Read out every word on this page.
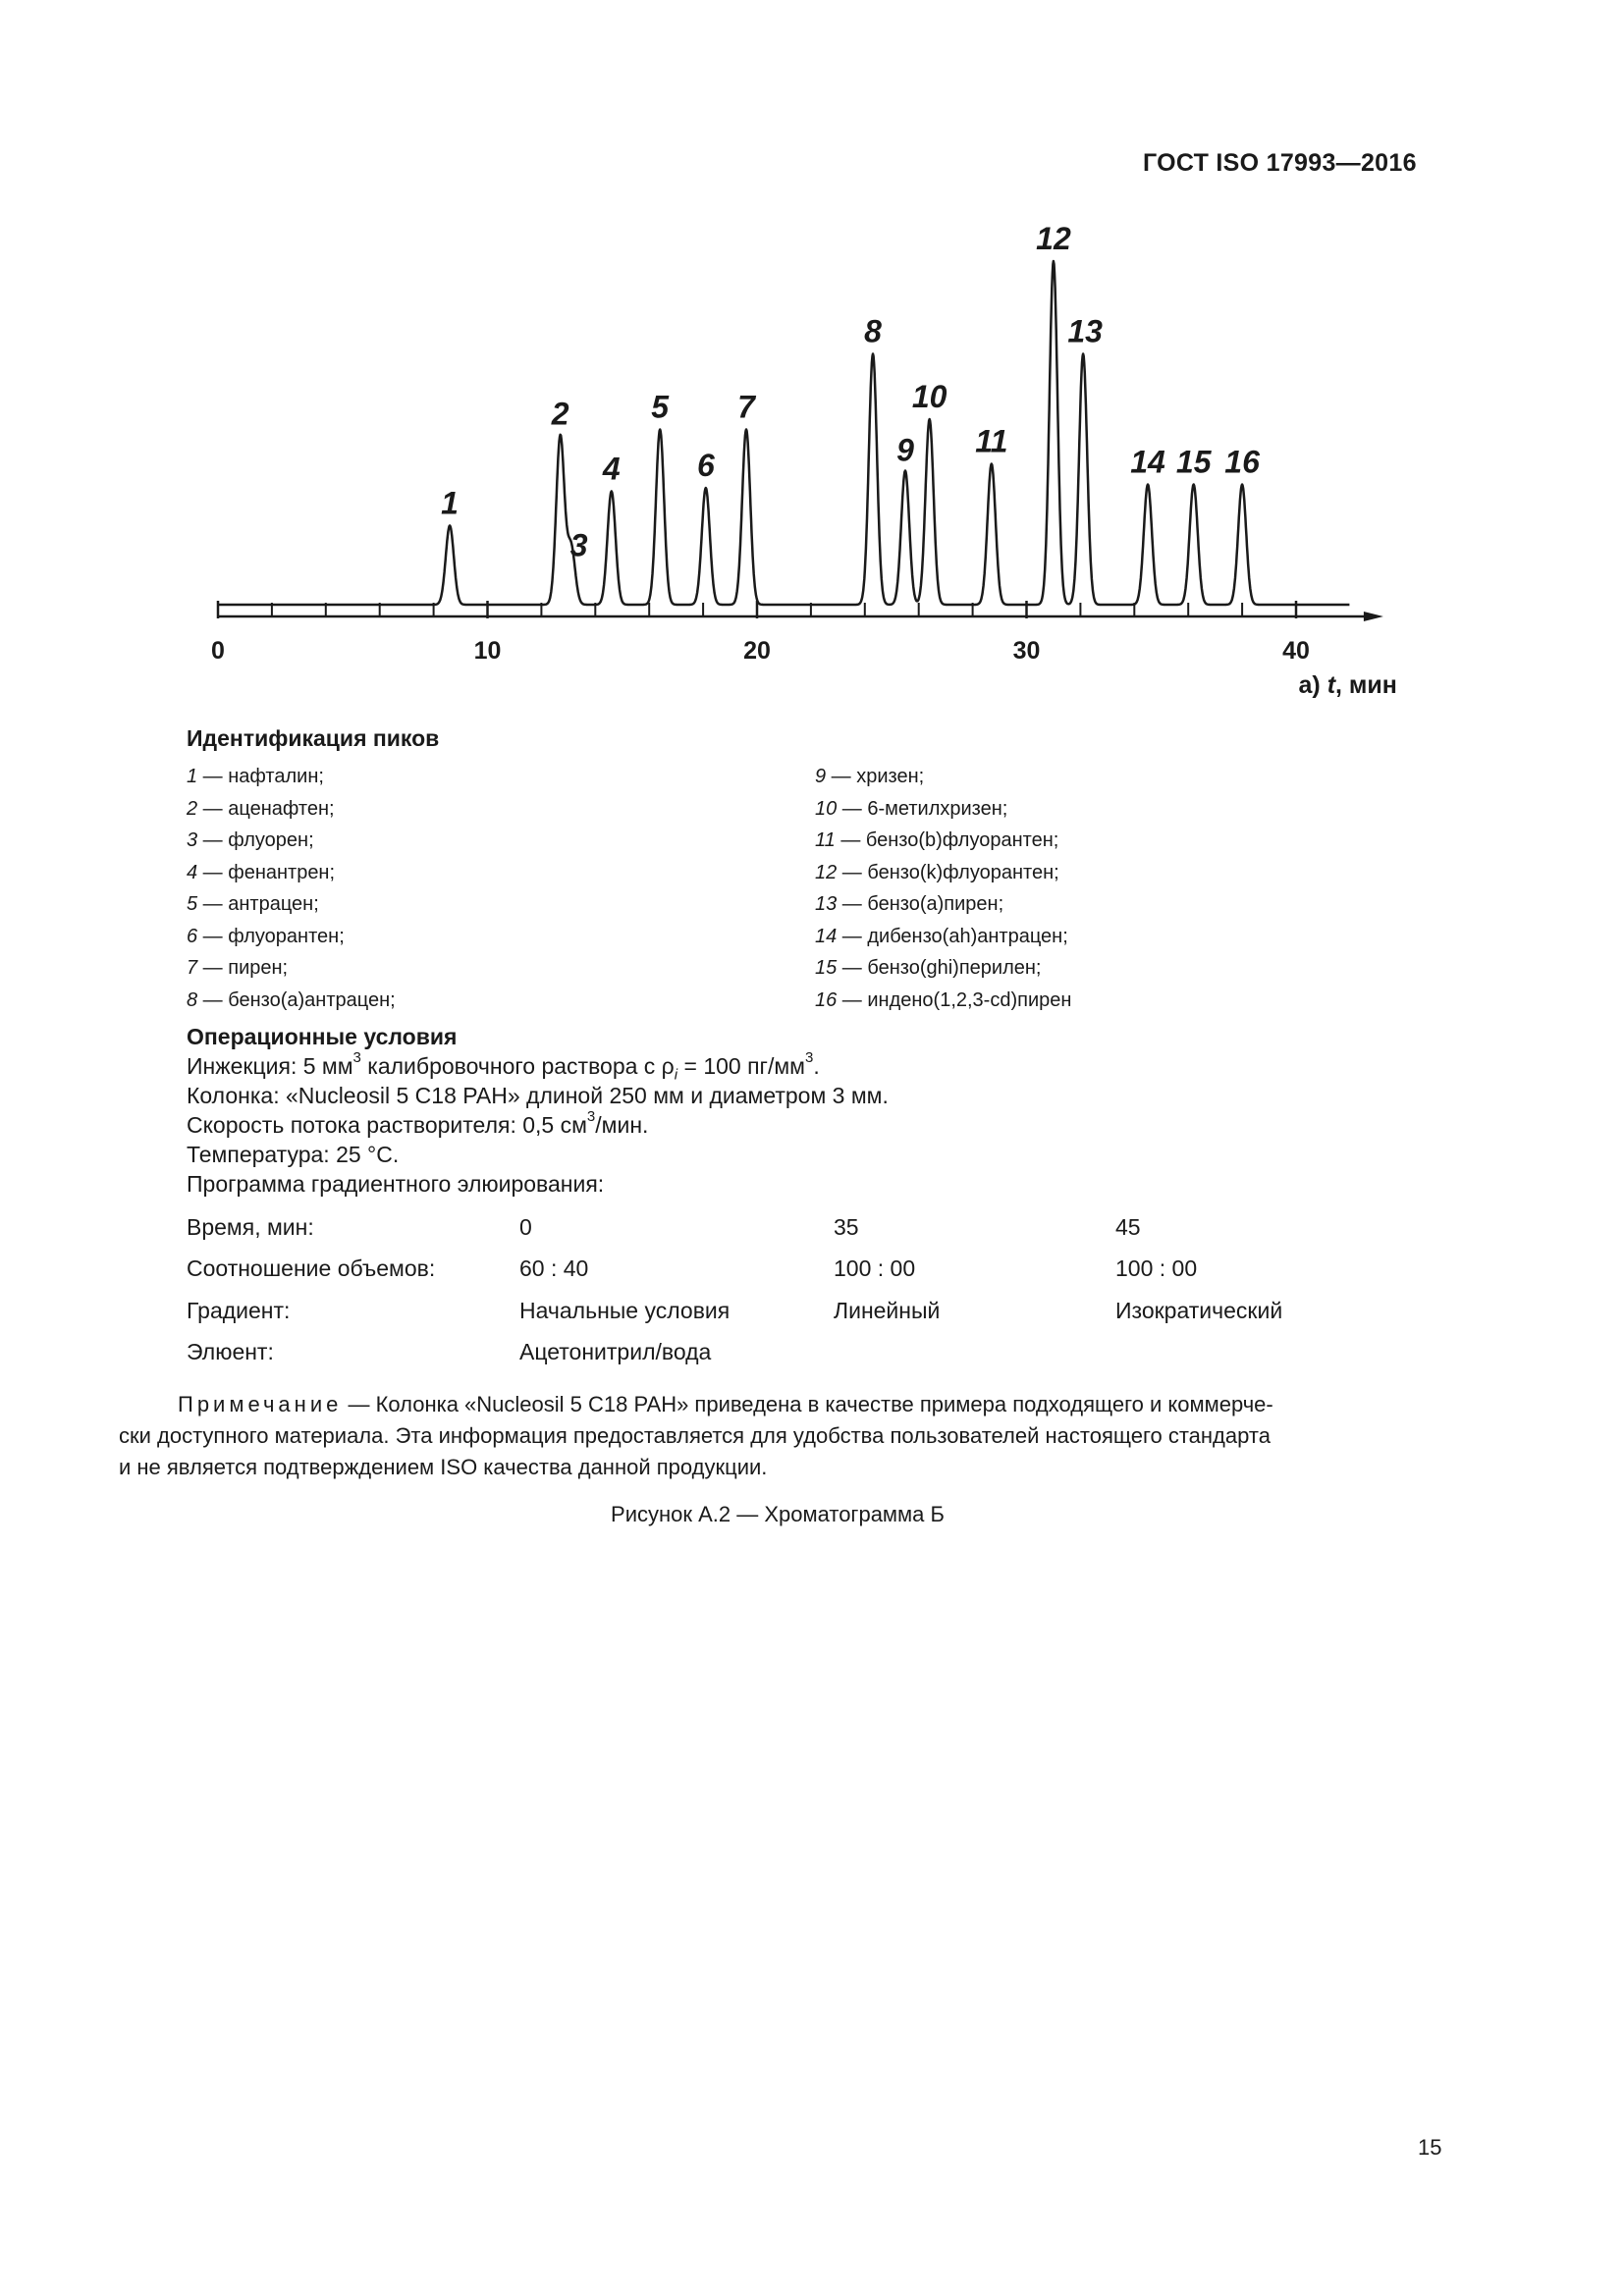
ГОСТ ISO 17993—2016
1
2
3
4
5
6
7
8
9
10
11
12
13
14 15 16
0	10	20	30	40
a) t, мин
Идентификация пиков
1 — нафталин;
2 — аценафтен;
3 — флуорен;
4 — фенантрен;
5 — антрацен;
6 — флуорантен;
7 — пирен;
8 — бензо(а)антрацен;
9 — хризен;
10 — 6-метилхризен;
11 — бензо(b)флуорантен;
12 — бензо(k)флуорантен;
13 — бензо(а)пирен;
14 — дибензо(ah)антрацен;
15 — бензо(ghi)перилен;
16 — индено(1,2,3-cd)пирен
Операционные условия
Инжекция: 5 $мм^3$ калибровочного раствора с $\rho_i = 100$ $пг/мм^3$.
Колонка: «Nucleosil 5 C18 PAH» длиной 250 мм и диаметром 3 мм.
Скорость потока растворителя: 0,5 $см^3$/мин.
Температура: 25 °C.
Программа градиентного элюирования:
Время, мин:	0	35	45
Соотношение объемов:	60 : 40	100 : 00	100 : 00
Градиент:	Начальные условия	Линейный	Изократический
Элюент:	Ацетонитрил/вода		

Примечание — Колонка «Nucleosil 5 C18 PAH» приведена в качестве примера подходящего и коммерче-

ски доступного материала. Эта информация предоставляется для удобства пользователей настоящего стандарта

и не является подтверждением ISO качества данной продукции.

Рисунок А.2 — Хроматограмма Б
15
